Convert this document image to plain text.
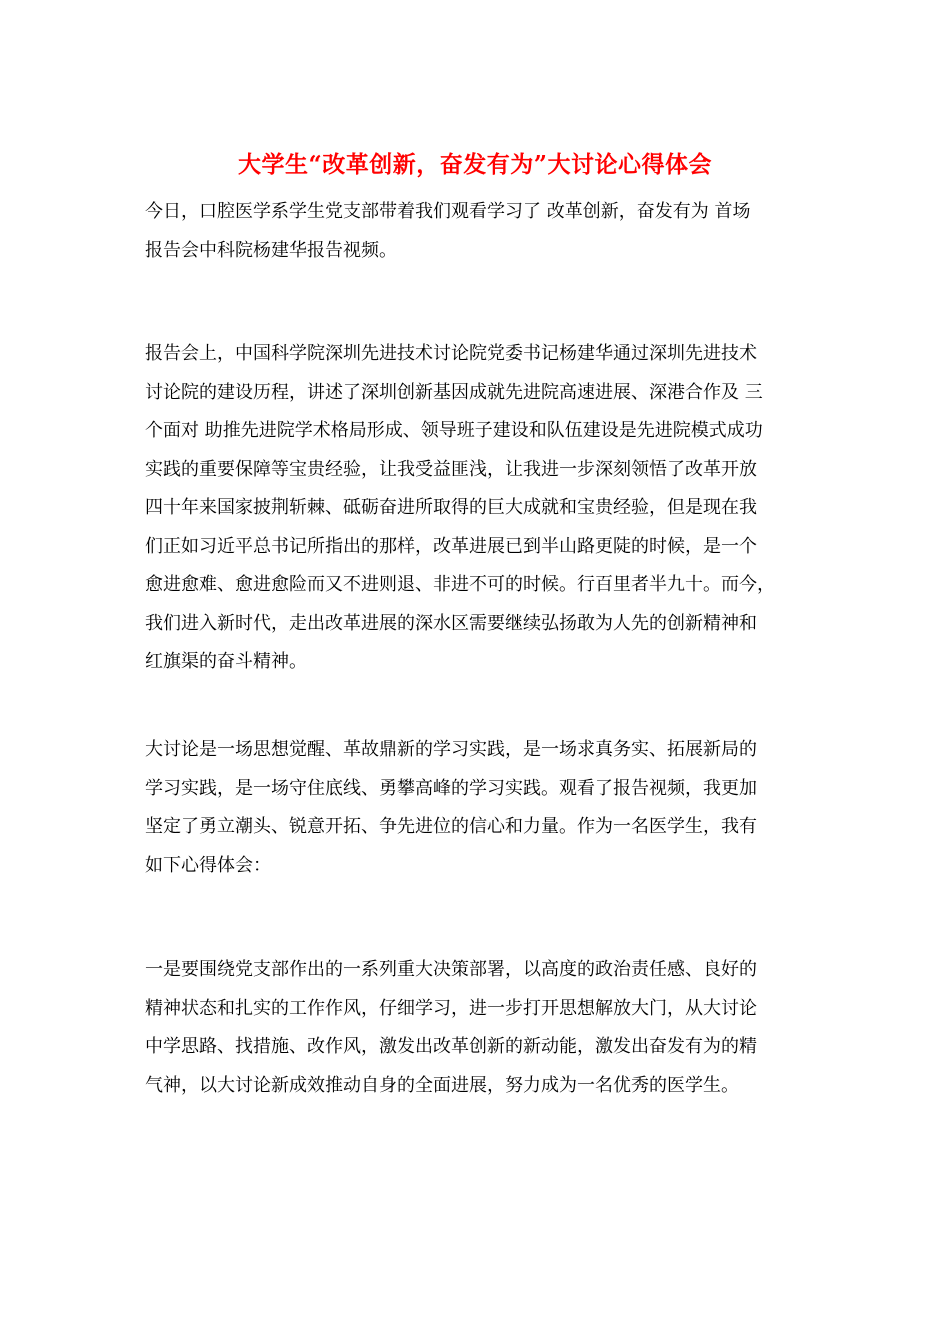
大学生“改革创新，奋发有为”大讨论心得体会
今日，口腔医学系学生党支部带着我们观看学习了 改革创新，奋发有为 首场
报告会中科院杨建华报告视频。
报告会上，中国科学院深圳先进技术讨论院党委书记杨建华通过深圳先进技术
讨论院的建设历程，讲述了深圳创新基因成就先进院高速进展、深港合作及 三
个面对 助推先进院学术格局形成、领导班子建设和队伍建设是先进院模式成功
实践的重要保障等宝贵经验，让我受益匪浅，让我进一步深刻领悟了改革开放
四十年来国家披荆斩棘、砥砺奋进所取得的巨大成就和宝贵经验，但是现在我
们正如习近平总书记所指出的那样，改革进展已到半山路更陡的时候，是一个
愈进愈难、愈进愈险而又不进则退、非进不可的时候。行百里者半九十。而今，
我们进入新时代，走出改革进展的深水区需要继续弘扬敢为人先的创新精神和
红旗渠的奋斗精神。
大讨论是一场思想觉醒、革故鼎新的学习实践，是一场求真务实、拓展新局的
学习实践，是一场守住底线、勇攀高峰的学习实践。观看了报告视频，我更加
坚定了勇立潮头、锐意开拓、争先进位的信心和力量。作为一名医学生，我有
如下心得体会：
一是要围绕党支部作出的一系列重大决策部署，以高度的政治责任感、良好的
精神状态和扎实的工作作风，仔细学习，进一步打开思想解放大门，从大讨论
中学思路、找措施、改作风，激发出改革创新的新动能，激发出奋发有为的精
气神，以大讨论新成效推动自身的全面进展，努力成为一名优秀的医学生。
